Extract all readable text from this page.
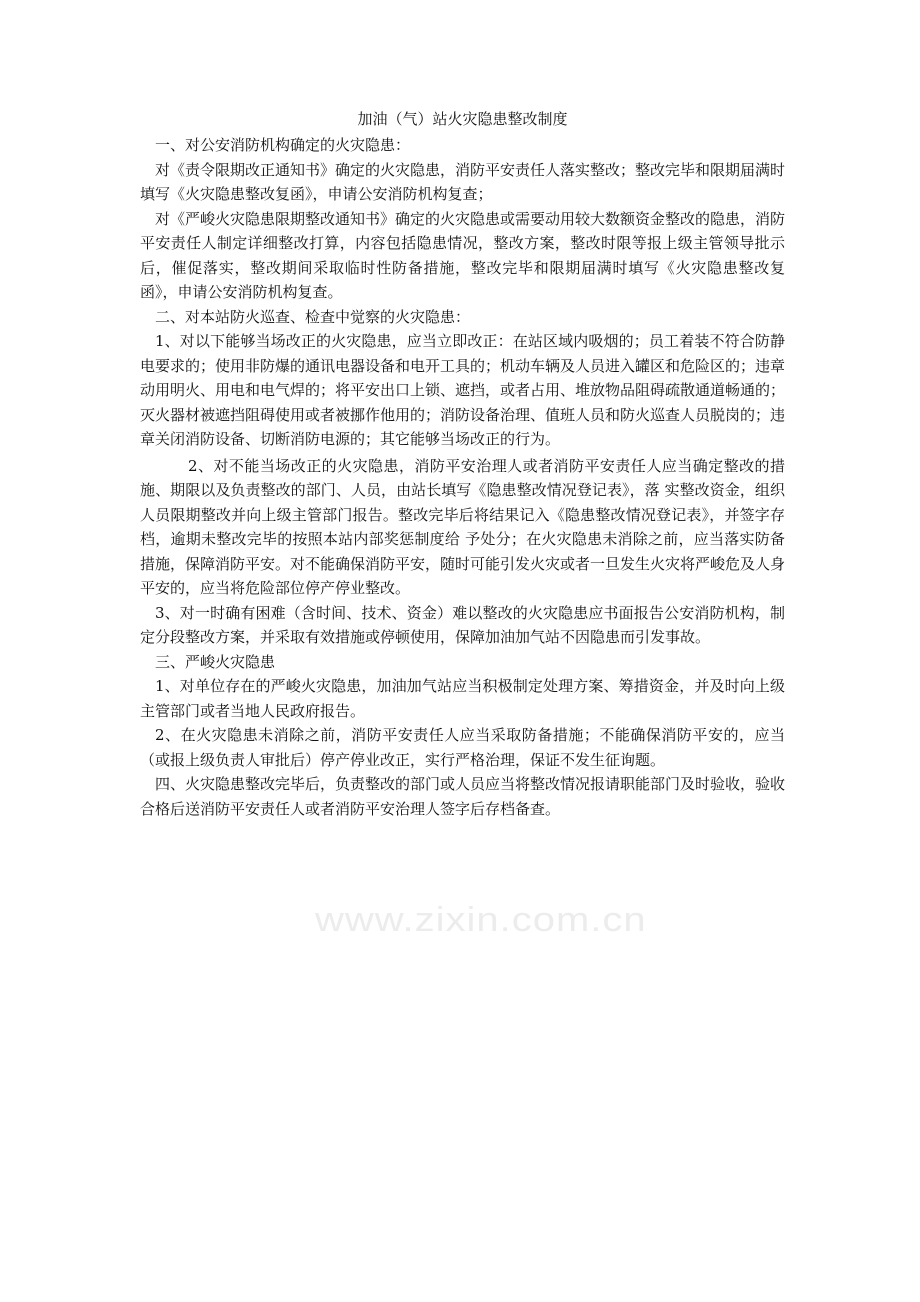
加油（气）站火灾隐患整改制度

一、对公安消防机构确定的火灾隐患：

对《责令限期改正通知书》确定的火灾隐患，消防平安责任人落实整改；整改完毕和限期届满时填写《火灾隐患整改复函》，申请公安消防机构复查；

对《严峻火灾隐患限期整改通知书》确定的火灾隐患或需要动用较大数额资金整改的隐患，消防平安责任人制定详细整改打算，内容包括隐患情况，整改方案，整改时限等报上级主管领导批示后，催促落实，整改期间采取临时性防备措施，整改完毕和限期届满时填写《火灾隐患整改复函》，申请公安消防机构复查。

二、对本站防火巡查、检查中觉察的火灾隐患：

1、对以下能够当场改正的火灾隐患，应当立即改正：在站区域内吸烟的；员工着装不符合防静电要求的；使用非防爆的通讯电器设备和电开工具的；机动车辆及人员进入罐区和危险区的；违章动用明火、用电和电气焊的；将平安出口上锁、遮挡，或者占用、堆放物品阻碍疏散通道畅通的；灭火器材被遮挡阻碍使用或者被挪作他用的；消防设备治理、值班人员和防火巡查人员脱岗的；违章关闭消防设备、切断消防电源的；其它能够当场改正的行为。

2、对不能当场改正的火灾隐患，消防平安治理人或者消防平安责任人应当确定整改的措施、期限以及负责整改的部门、人员，由站长填写《隐患整改情况登记表》，落 实整改资金，组织人员限期整改并向上级主管部门报告。整改完毕后将结果记入《隐患整改情况登记表》，并签字存档，逾期未整改完毕的按照本站内部奖惩制度给 予处分；在火灾隐患未消除之前，应当落实防备措施，保障消防平安。对不能确保消防平安，随时可能引发火灾或者一旦发生火灾将严峻危及人身平安的，应当将危险部位停产停业整改。

3、对一时确有困难（含时间、技术、资金）难以整改的火灾隐患应书面报告公安消防机构，制定分段整改方案，并采取有效措施或停顿使用，保障加油加气站不因隐患而引发事故。

三、严峻火灾隐患

1、对单位存在的严峻火灾隐患，加油加气站应当积极制定处理方案、筹措资金，并及时向上级主管部门或者当地人民政府报告。

2、在火灾隐患未消除之前，消防平安责任人应当采取防备措施；不能确保消防平安的，应当（或报上级负责人审批后）停产停业改正，实行严格治理，保证不发生征询题。

四、火灾隐患整改完毕后，负责整改的部门或人员应当将整改情况报请职能部门及时验收，验收合格后送消防平安责任人或者消防平安治理人签字后存档备查。

www.zixin.com.cn
